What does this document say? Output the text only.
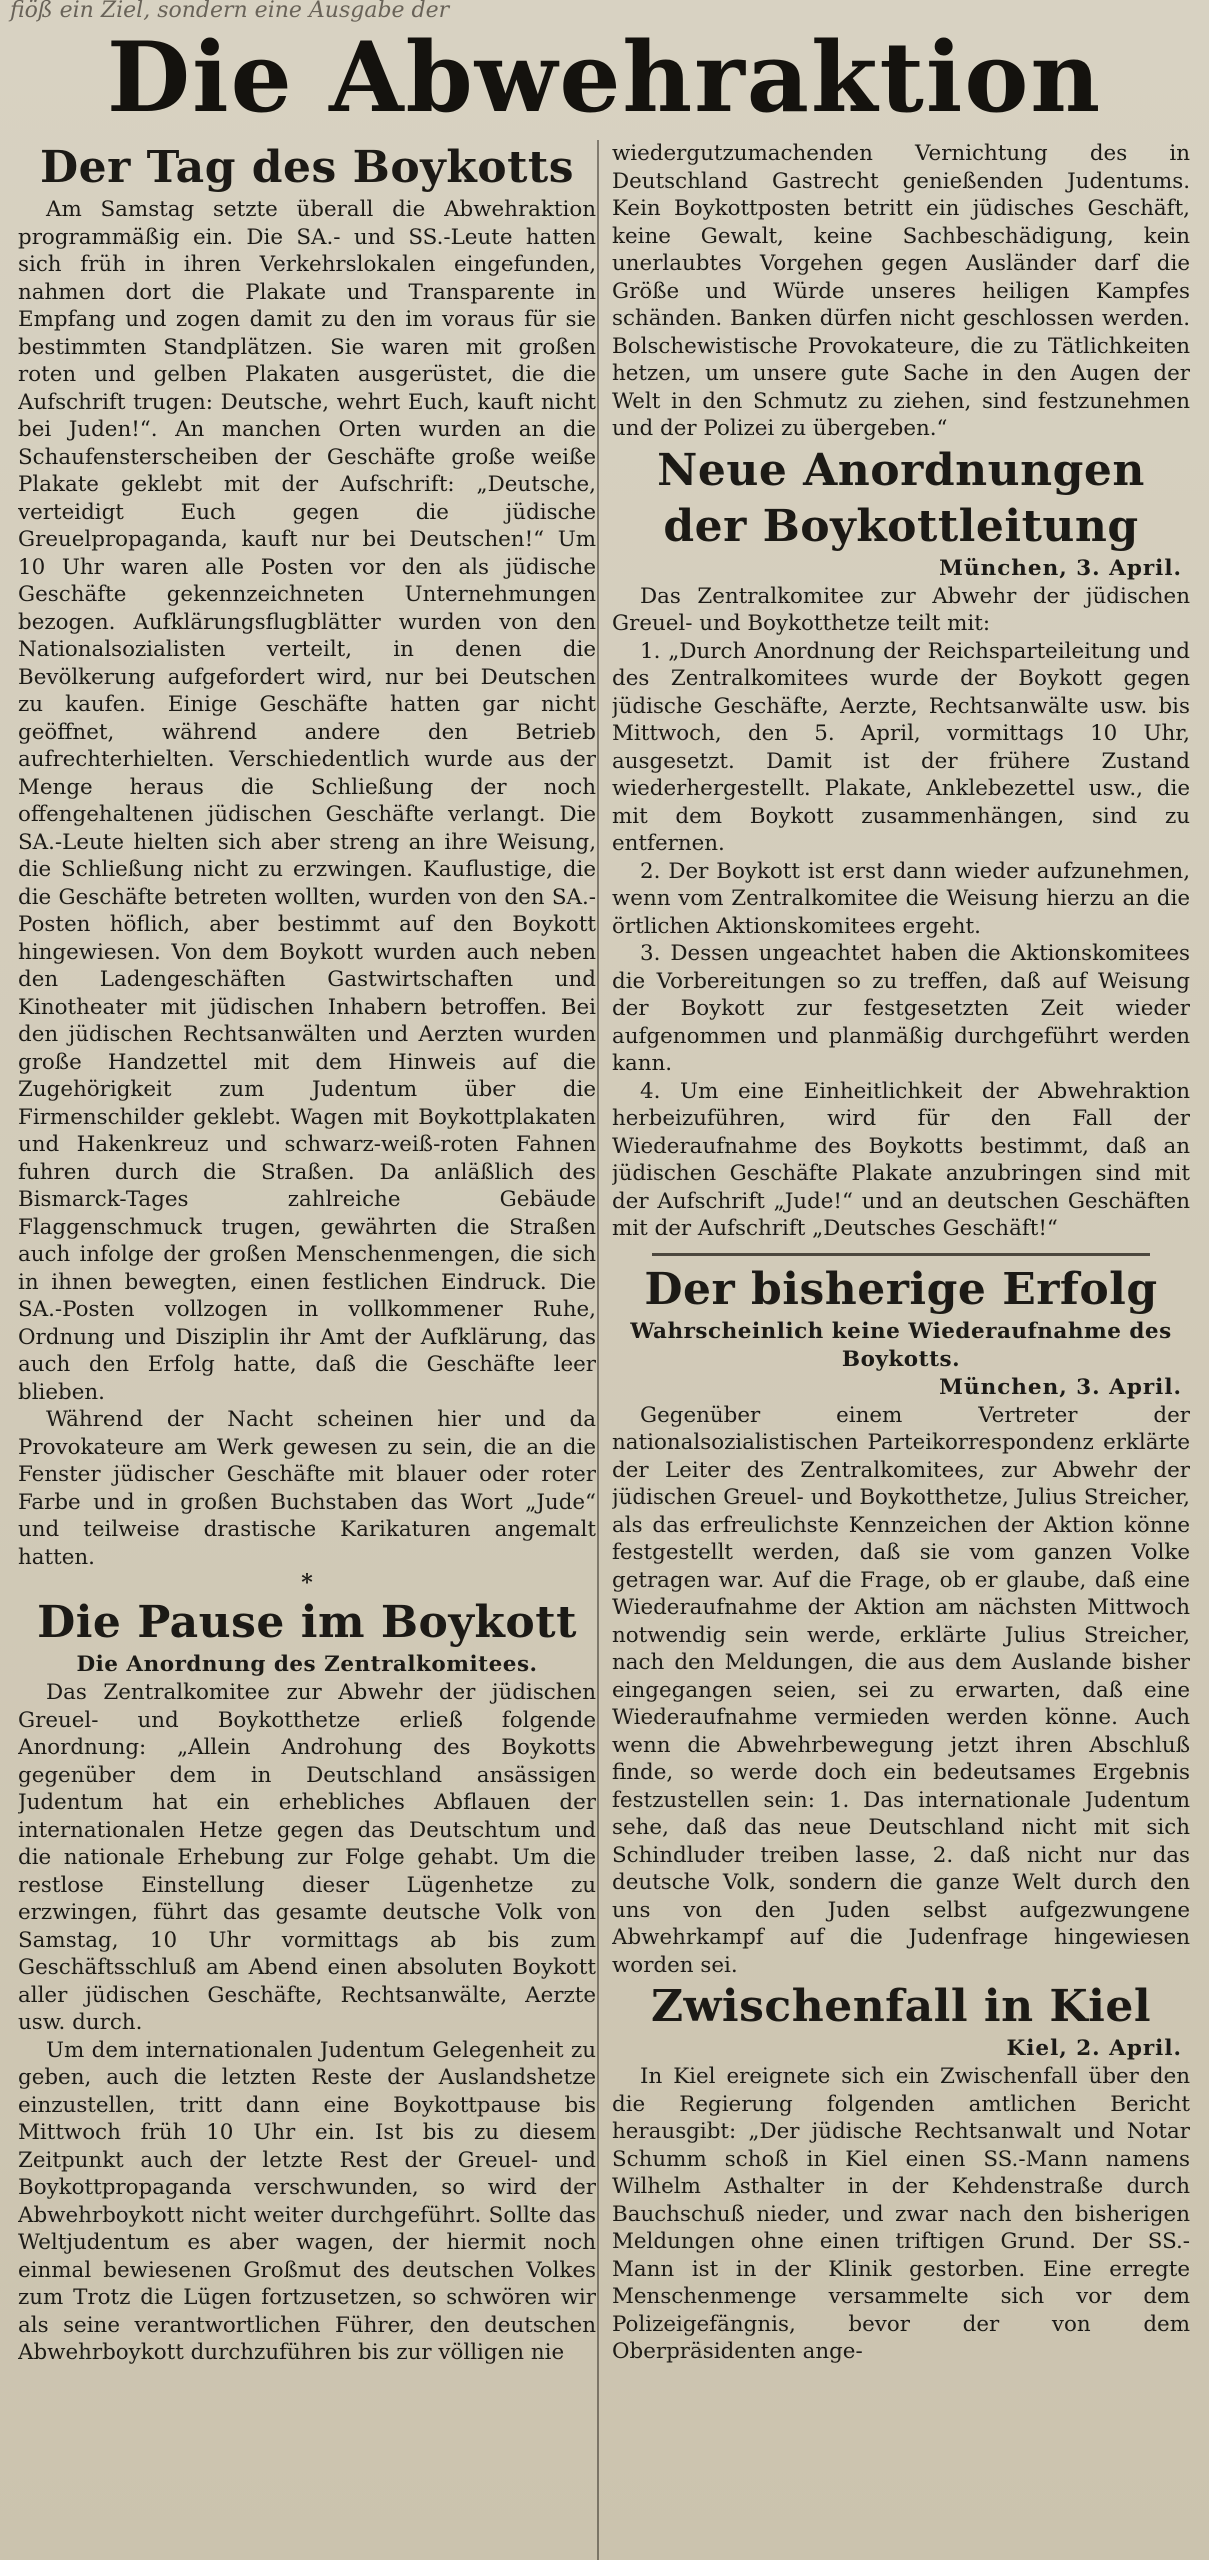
fiöß ein Ziel, sondern eine Ausgabe der
Die Abwehraktion
Der Tag des Boykotts

Am Samstag setzte überall die Abwehraktion programmäßig ein. Die SA.- und SS.-Leute hatten sich früh in ihren Verkehrslokalen eingefunden, nahmen dort die Plakate und Transparente in Empfang und zogen damit zu den im voraus für sie bestimmten Standplätzen. Sie waren mit großen roten und gelben Plakaten ausgerüstet, die die Aufschrift trugen: Deutsche, wehrt Euch, kauft nicht bei Juden!“. An manchen Orten wurden an die Schaufensterscheiben der Geschäfte große weiße Plakate geklebt mit der Aufschrift: „Deutsche, verteidigt Euch gegen die jüdische Greuelpropaganda, kauft nur bei Deutschen!“ Um 10 Uhr waren alle Posten vor den als jüdische Geschäfte gekennzeichneten Unternehmungen bezogen. Aufklärungsflugblätter wurden von den Nationalsozialisten verteilt, in denen die Bevölkerung aufgefordert wird, nur bei Deutschen zu kaufen. Einige Geschäfte hatten gar nicht geöffnet, während andere den Betrieb aufrechterhielten. Verschiedentlich wurde aus der Menge heraus die Schließung der noch offengehaltenen jüdischen Geschäfte verlangt. Die SA.-Leute hielten sich aber streng an ihre Weisung, die Schließung nicht zu erzwingen. Kauflustige, die die Geschäfte betreten wollten, wurden von den SA.-Posten höflich, aber bestimmt auf den Boykott hingewiesen. Von dem Boykott wurden auch neben den Ladengeschäften Gastwirtschaften und Kinotheater mit jüdischen Inhabern betroffen. Bei den jüdischen Rechtsanwälten und Aerzten wurden große Handzettel mit dem Hinweis auf die Zugehörigkeit zum Judentum über die Firmenschilder geklebt. Wagen mit Boykottplakaten und Hakenkreuz und schwarz-weiß-roten Fahnen fuhren durch die Straßen. Da anläßlich des Bismarck-Tages zahlreiche Gebäude Flaggenschmuck trugen, gewährten die Straßen auch infolge der großen Menschenmengen, die sich in ihnen bewegten, einen festlichen Eindruck. Die SA.-Posten vollzogen in vollkommener Ruhe, Ordnung und Disziplin ihr Amt der Aufklärung, das auch den Erfolg hatte, daß die Geschäfte leer blieben.

Während der Nacht scheinen hier und da Provokateure am Werk gewesen zu sein, die an die Fenster jüdischer Geschäfte mit blauer oder roter Farbe und in großen Buchstaben das Wort „Jude“ und teilweise drastische Karikaturen angemalt hatten.

*
Die Pause im Boykott
Die Anordnung des Zentralkomitees.

Das Zentralkomitee zur Abwehr der jüdischen Greuel- und Boykotthetze erließ folgende Anordnung: „Allein Androhung des Boykotts gegenüber dem in Deutschland ansässigen Judentum hat ein erhebliches Abflauen der internationalen Hetze gegen das Deutschtum und die nationale Erhebung zur Folge gehabt. Um die restlose Einstellung dieser Lügenhetze zu erzwingen, führt das gesamte deutsche Volk von Samstag, 10 Uhr vormittags ab bis zum Geschäftsschluß am Abend einen absoluten Boykott aller jüdischen Geschäfte, Rechtsanwälte, Aerzte usw. durch.

Um dem internationalen Judentum Gelegenheit zu geben, auch die letzten Reste der Auslandshetze einzustellen, tritt dann eine Boykottpause bis Mittwoch früh 10 Uhr ein. Ist bis zu diesem Zeitpunkt auch der letzte Rest der Greuel- und Boykottpropaganda verschwunden, so wird der Abwehrboykott nicht weiter durchgeführt. Sollte das Weltjudentum es aber wagen, der hiermit noch einmal bewiesenen Großmut des deutschen Volkes zum Trotz die Lügen fortzusetzen, so schwören wir als seine verantwortlichen Führer, den deutschen Abwehrboykott durchzuführen bis zur völligen nie

wiedergutzumachenden Vernichtung des in Deutschland Gastrecht genießenden Judentums. Kein Boykottposten betritt ein jüdisches Geschäft, keine Gewalt, keine Sachbeschädigung, kein unerlaubtes Vorgehen gegen Ausländer darf die Größe und Würde unseres heiligen Kampfes schänden. Banken dürfen nicht geschlossen werden. Bolschewistische Provokateure, die zu Tätlichkeiten hetzen, um unsere gute Sache in den Augen der Welt in den Schmutz zu ziehen, sind festzunehmen und der Polizei zu übergeben.“

Neue Anordnungen der Boykottleitung
München, 3. April.

Das Zentralkomitee zur Abwehr der jüdischen Greuel- und Boykotthetze teilt mit:

1. „Durch Anordnung der Reichsparteileitung und des Zentralkomitees wurde der Boykott gegen jüdische Geschäfte, Aerzte, Rechtsanwälte usw. bis Mittwoch, den 5. April, vormittags 10 Uhr, ausgesetzt. Damit ist der frühere Zustand wiederhergestellt. Plakate, Anklebezettel usw., die mit dem Boykott zusammenhängen, sind zu entfernen.

2. Der Boykott ist erst dann wieder aufzunehmen, wenn vom Zentralkomitee die Weisung hierzu an die örtlichen Aktionskomitees ergeht.

3. Dessen ungeachtet haben die Aktionskomitees die Vorbereitungen so zu treffen, daß auf Weisung der Boykott zur festgesetzten Zeit wieder aufgenommen und planmäßig durchgeführt werden kann.

4. Um eine Einheitlichkeit der Abwehraktion herbeizuführen, wird für den Fall der Wiederaufnahme des Boykotts bestimmt, daß an jüdischen Geschäfte Plakate anzubringen sind mit der Aufschrift „Jude!“ und an deutschen Geschäften mit der Aufschrift „Deutsches Geschäft!“

Der bisherige Erfolg
Wahrscheinlich keine Wiederaufnahme des Boykotts.
München, 3. April.

Gegenüber einem Vertreter der nationalsozialistischen Parteikorrespondenz erklärte der Leiter des Zentralkomitees, zur Abwehr der jüdischen Greuel- und Boykotthetze, Julius Streicher, als das erfreulichste Kennzeichen der Aktion könne festgestellt werden, daß sie vom ganzen Volke getragen war. Auf die Frage, ob er glaube, daß eine Wiederaufnahme der Aktion am nächsten Mittwoch notwendig sein werde, erklärte Julius Streicher, nach den Meldungen, die aus dem Auslande bisher eingegangen seien, sei zu erwarten, daß eine Wiederaufnahme vermieden werden könne. Auch wenn die Abwehrbewegung jetzt ihren Abschluß finde, so werde doch ein bedeutsames Ergebnis festzustellen sein: 1. Das internationale Judentum sehe, daß das neue Deutschland nicht mit sich Schindluder treiben lasse, 2. daß nicht nur das deutsche Volk, sondern die ganze Welt durch den uns von den Juden selbst aufgezwungene Abwehrkampf auf die Judenfrage hingewiesen worden sei.

Zwischenfall in Kiel
Kiel, 2. April.

In Kiel ereignete sich ein Zwischenfall über den die Regierung folgenden amtlichen Bericht herausgibt: „Der jüdische Rechtsanwalt und Notar Schumm schoß in Kiel einen SS.-Mann namens Wilhelm Asthalter in der Kehdenstraße durch Bauchschuß nieder, und zwar nach den bisherigen Meldungen ohne einen triftigen Grund. Der SS.-Mann ist in der Klinik gestorben. Eine erregte Menschenmenge versammelte sich vor dem Polizeigefängnis, bevor der von dem Oberpräsidenten ange-
